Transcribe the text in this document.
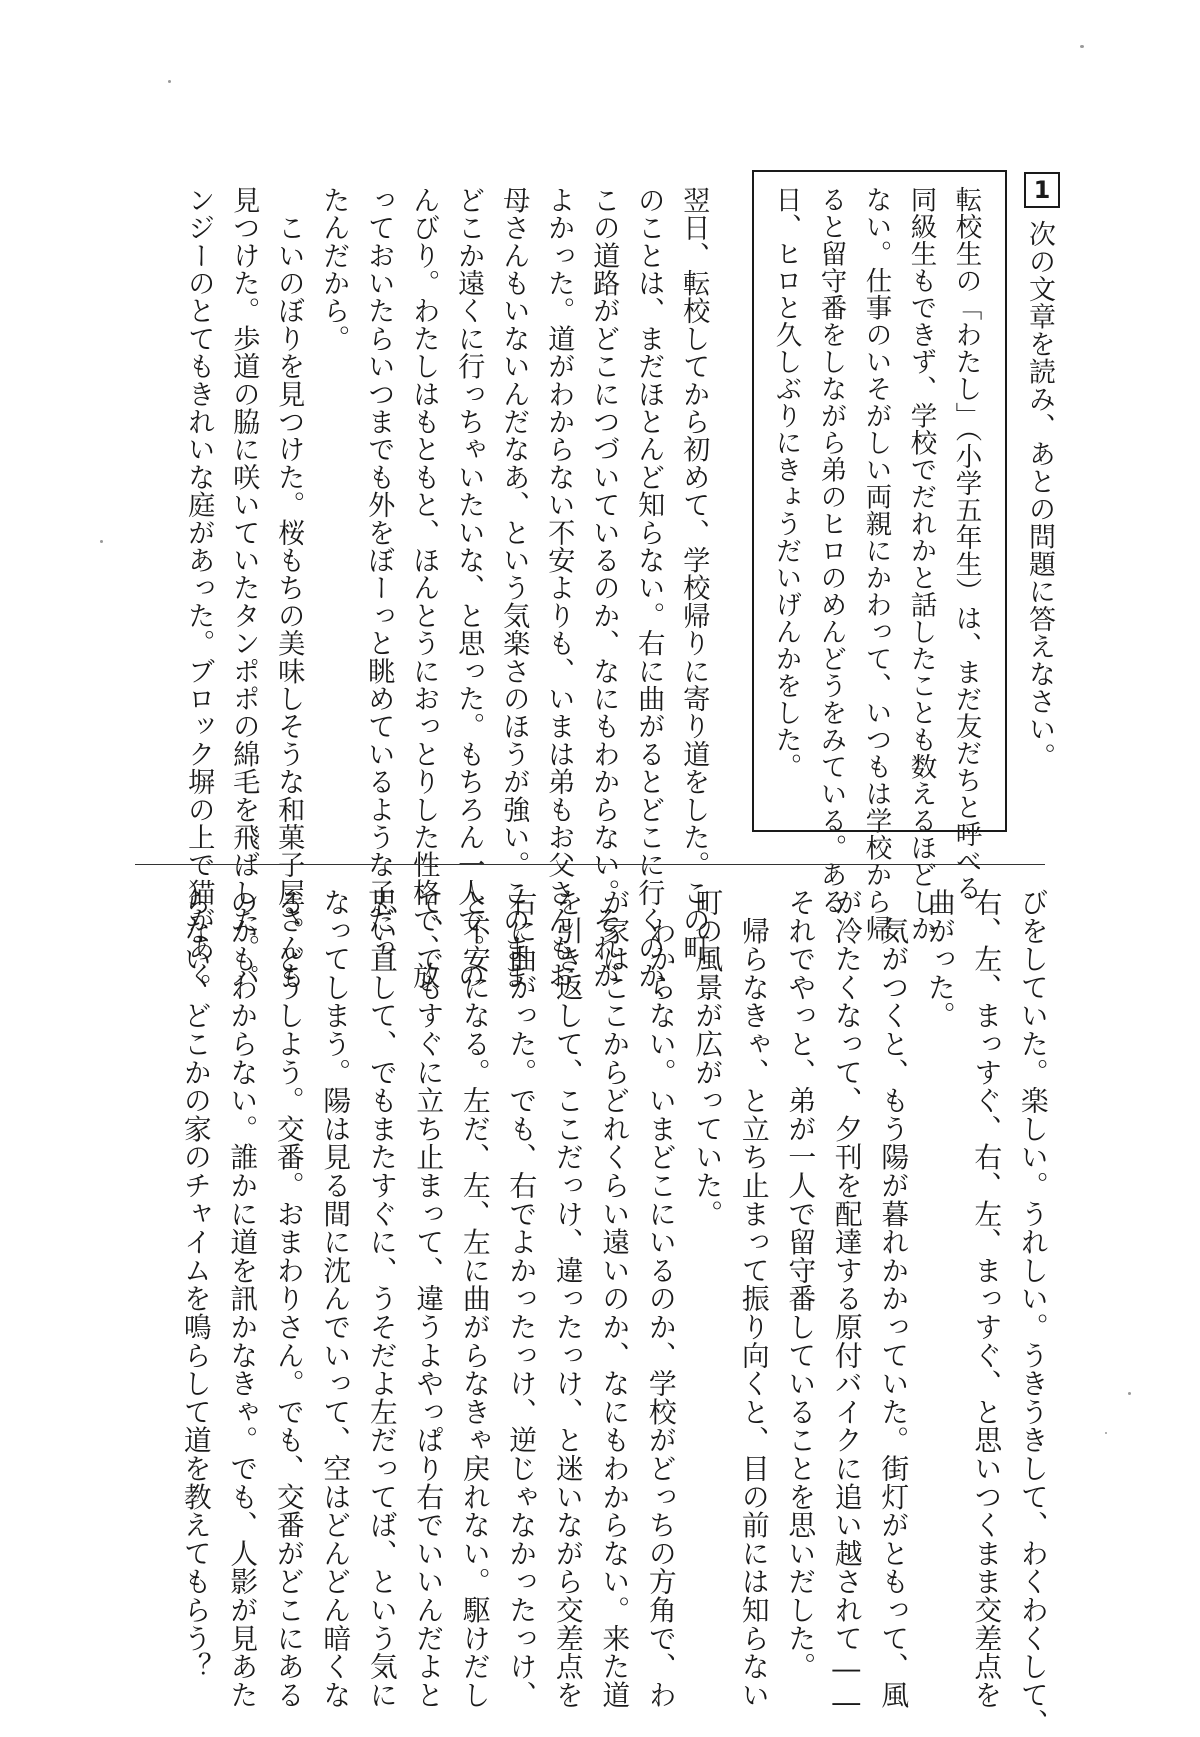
1
次の文章を読み、あとの問題に答えなさい。
転校生の「わたし」（小学五年生）は、まだ友だちと呼べる
同級生もできず、学校でだれかと話したことも数えるほどしか
ない。仕事のいそがしい両親にかわって、いつもは学校から帰
ると留守番をしながら弟のヒロのめんどうをみている。ある
日、ヒロと久しぶりにきょうだいげんかをした。
翌日、転校してから初めて、学校帰りに寄り道をした。この町
のことは、まだほとんど知らない。右に曲がるとどこに行くのか、
この道路がどこにつづいているのか、なにもわからない。それが
よかった。道がわからない不安よりも、いまは弟もお父さんもお
母さんもいないんだなあ、という気楽さのほうが強い。このまま
どこか遠くに行っちゃいたいな、と思った。もちろん一人で。の
んびり。わたしはもともと、ほんとうにおっとりした性格で、放
っておいたらいつまでも外をぼーっと眺めているような子だっ
たんだから。
　こいのぼりを見つけた。桜もちの美味しそうな和菓子屋さんも
見つけた。歩道の脇に咲いていたタンポポの綿毛を飛ばした。パ
ンジーのとてもきれいな庭があった。ブロック塀の上で猫があく
びをしていた。楽しい。うれしい。うきうきして、わくわくして、
右、左、まっすぐ、右、左、まっすぐ、と思いつくまま交差点を
曲がった。
　気がつくと、もう陽が暮れかかっていた。街灯がともって、風
が冷たくなって、夕刊を配達する原付バイクに追い越されて――
それでやっと、弟が一人で留守番していることを思いだした。
　帰らなきゃ、と立ち止まって振り向くと、目の前には知らない
町の風景が広がっていた。
　わからない。いまどこにいるのか、学校がどっちの方角で、わ
が家はここからどれくらい遠いのか、なにもわからない。来た道
を引き返して、ここだっけ、違ったっけ、と迷いながら交差点を
右に曲がった。でも、右でよかったっけ、逆じゃなかったっけ、
と不安になる。左だ、左、左に曲がらなきゃ戻れない。駆けだし
て、でもすぐに立ち止まって、違うよやっぱり右でいいんだよと
思い直して、でもまたすぐに、うそだよ左だってば、という気に
なってしまう。陽は見る間に沈んでいって、空はどんどん暗くな
る。どうしよう。交番。おまわりさん。でも、交番がどこにある
のかもわからない。誰かに道を訊かなきゃ。でも、人影が見あた
らない。どこかの家のチャイムを鳴らして道を教えてもらう？
